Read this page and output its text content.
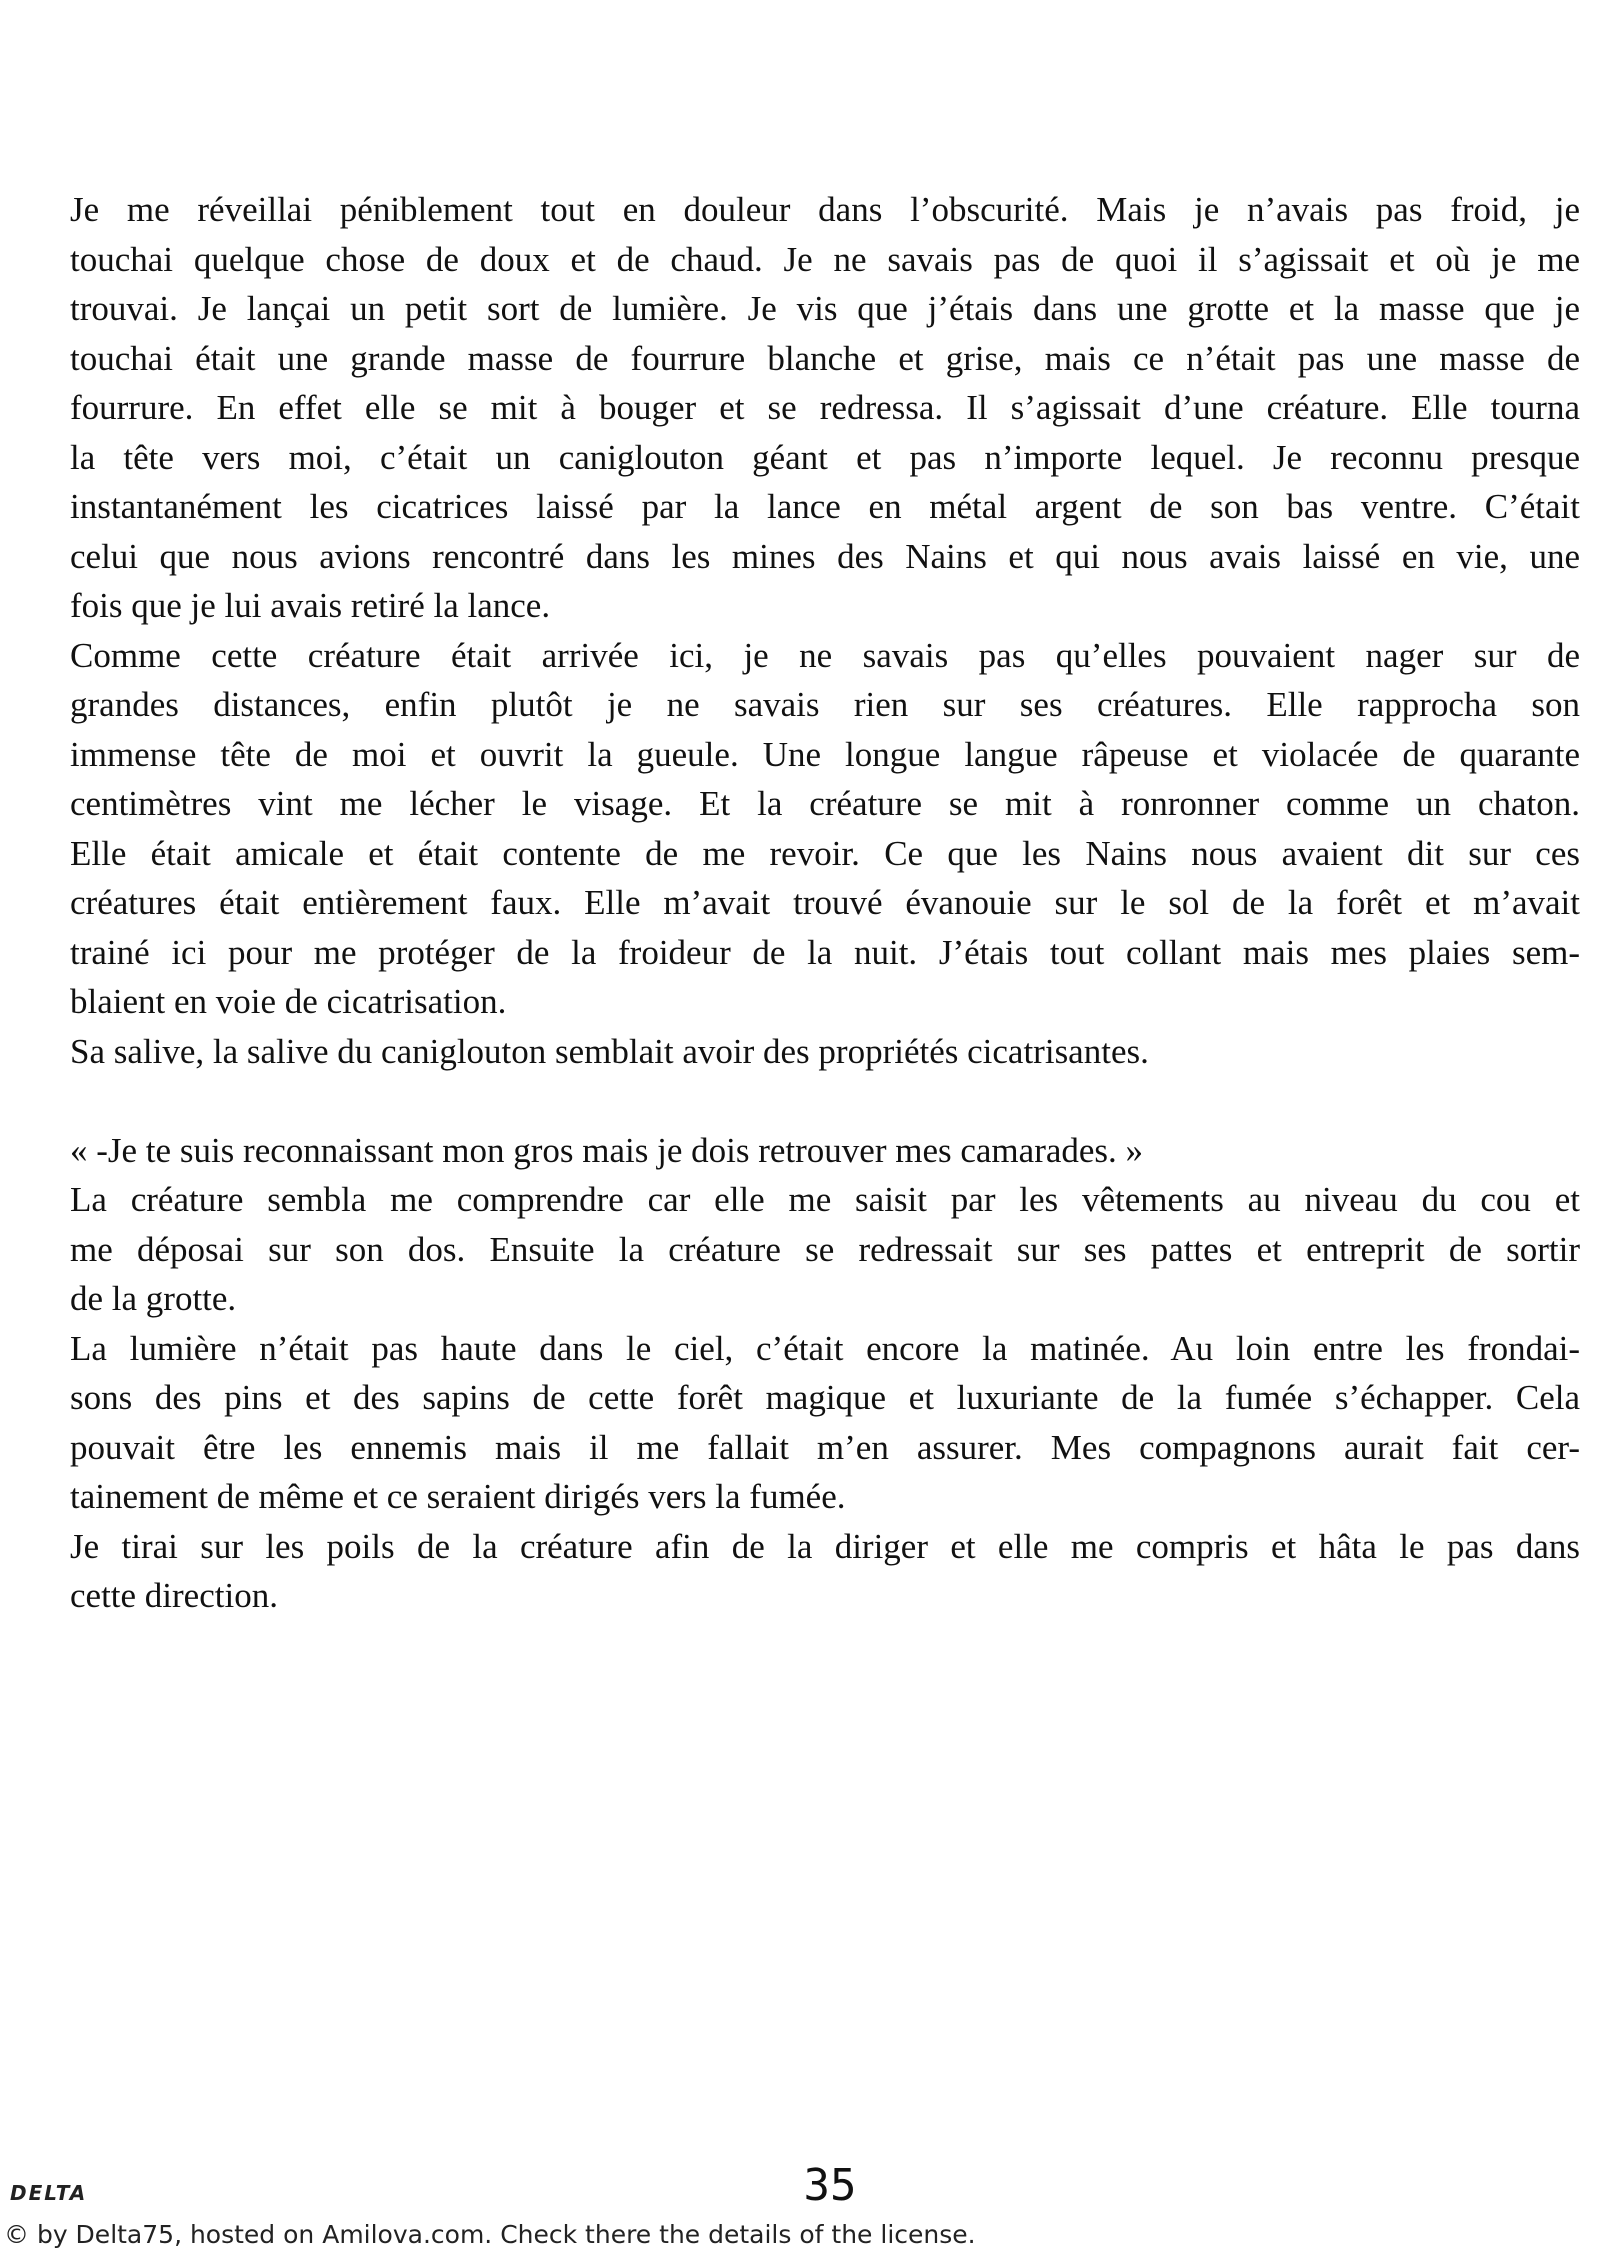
Je me réveillai péniblement tout en douleur dans l’obscurité. Mais je n’avais pas froid, je
touchai quelque chose de doux et de chaud. Je ne savais pas de quoi il s’agissait et où je me
trouvai. Je lançai un petit sort de lumière. Je vis que j’étais dans une grotte et la masse que je
touchai était une grande masse de fourrure blanche et grise, mais ce n’était pas une masse de
fourrure. En effet elle se mit à bouger et se redressa. Il s’agissait d’une créature. Elle tourna
la tête vers moi, c’était un caniglouton géant et pas n’importe lequel. Je reconnu presque
instantanément les cicatrices laissé par la lance en métal argent de son bas ventre. C’était
celui que nous avions rencontré dans les mines des Nains et qui nous avais laissé en vie, une
fois que je lui avais retiré la lance.
Comme cette créature était arrivée ici, je ne savais pas qu’elles pouvaient nager sur de
grandes distances, enfin plutôt je ne savais rien sur ses créatures. Elle rapprocha son
immense tête de moi et ouvrit la gueule. Une longue langue râpeuse et violacée de quarante
centimètres vint me lécher le visage. Et la créature se mit à ronronner comme un chaton.
Elle était amicale et était contente de me revoir. Ce que les Nains nous avaient dit sur ces
créatures était entièrement faux. Elle m’avait trouvé évanouie sur le sol de la forêt et m’avait
trainé ici pour me protéger de la froideur de la nuit. J’étais tout collant mais mes plaies sem-
blaient en voie de cicatrisation.
Sa salive, la salive du caniglouton semblait avoir des propriétés cicatrisantes.
« -Je te suis reconnaissant mon gros mais je dois retrouver mes camarades. »
La créature sembla me comprendre car elle me saisit par les vêtements au niveau du cou et
me déposai sur son dos. Ensuite la créature se redressait sur ses pattes et entreprit de sortir
de la grotte.
La lumière n’était pas haute dans le ciel, c’était encore la matinée. Au loin entre les frondai-
sons des pins et des sapins de cette forêt magique et luxuriante de la fumée s’échapper. Cela
pouvait être les ennemis mais il me fallait m’en assurer. Mes compagnons aurait fait cer-
tainement de même et ce seraient dirigés vers la fumée.
Je tirai sur les poils de la créature afin de la diriger et elle me compris et hâta le pas dans
cette direction.
DELTA	35
© by Delta75, hosted on Amilova.com. Check there the details of the license.
